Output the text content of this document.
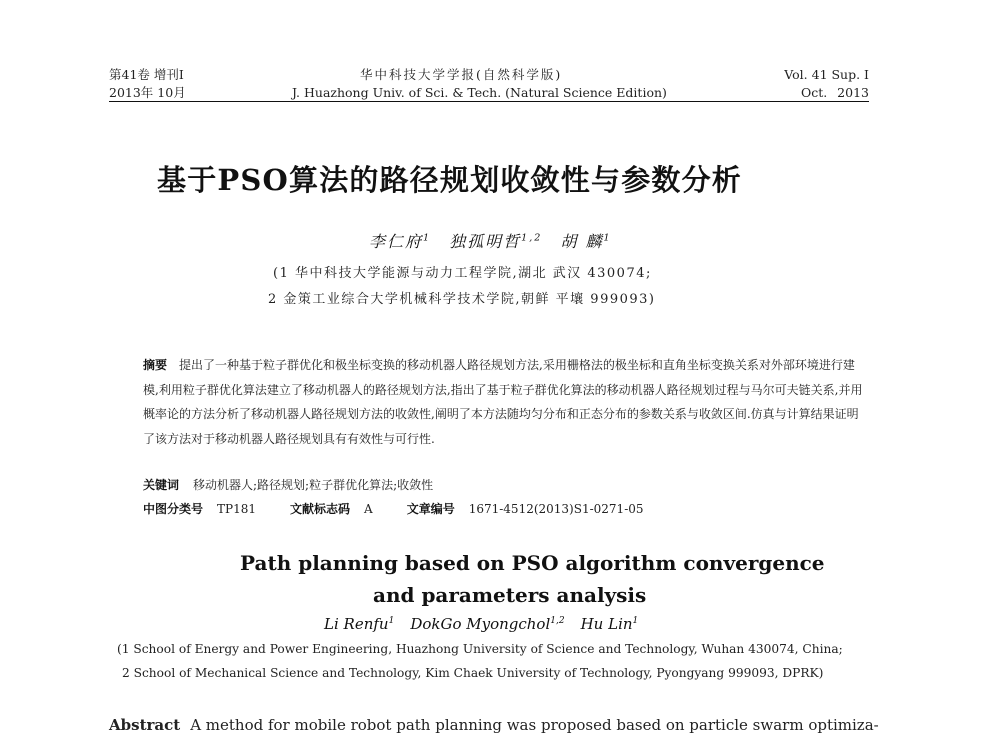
第41卷 增刊Ⅰ
2013年 10月
华中科技大学学报(自然科学版)
J. Huazhong Univ. of Sci. & Tech. (Natural Science Edition)
Vol. 41 Sup. Ⅰ
Oct. 2013
基于PSO算法的路径规划收敛性与参数分析
李仁府$^1$ 独孤明哲$^{1,2}$ 胡 麟$^1$
(1 华中科技大学能源与动力工程学院,湖北 武汉 430074;
2 金策工业综合大学机械科学技术学院,朝鲜 平壤 999093)
摘要 提出了一种基于粒子群优化和极坐标变换的移动机器人路径规划方法,采用栅格法的极坐标和直角坐标变换关系对外部环境进行建模,利用粒子群优化算法建立了移动机器人的路径规划方法,指出了基于粒子群优化算法的移动机器人路径规划过程与马尔可夫链关系,并用概率论的方法分析了移动机器人路径规划方法的收敛性,阐明了本方法随均匀分布和正态分布的参数关系与收敛区间.仿真与计算结果证明了该方法对于移动机器人路径规划具有有效性与可行性.
关键词 移动机器人;路径规划;粒子群优化算法;收敛性
中图分类号 TP181	文献标志码 A	文章编号 1671-4512(2013)S1-0271-05
Path planning based on PSO algorithm convergence
and parameters analysis
Li Renfu$^1$ DokGo Myongchol$^{1,2}$ Hu Lin$^1$
(1 School of Energy and Power Engineering, Huazhong University of Science and Technology, Wuhan 430074, China;
2 School of Mechanical Science and Technology, Kim Chaek University of Technology, Pyongyang 999093, DPRK)
Abstract A method for mobile robot path planning was proposed based on particle swarm optimiza-
